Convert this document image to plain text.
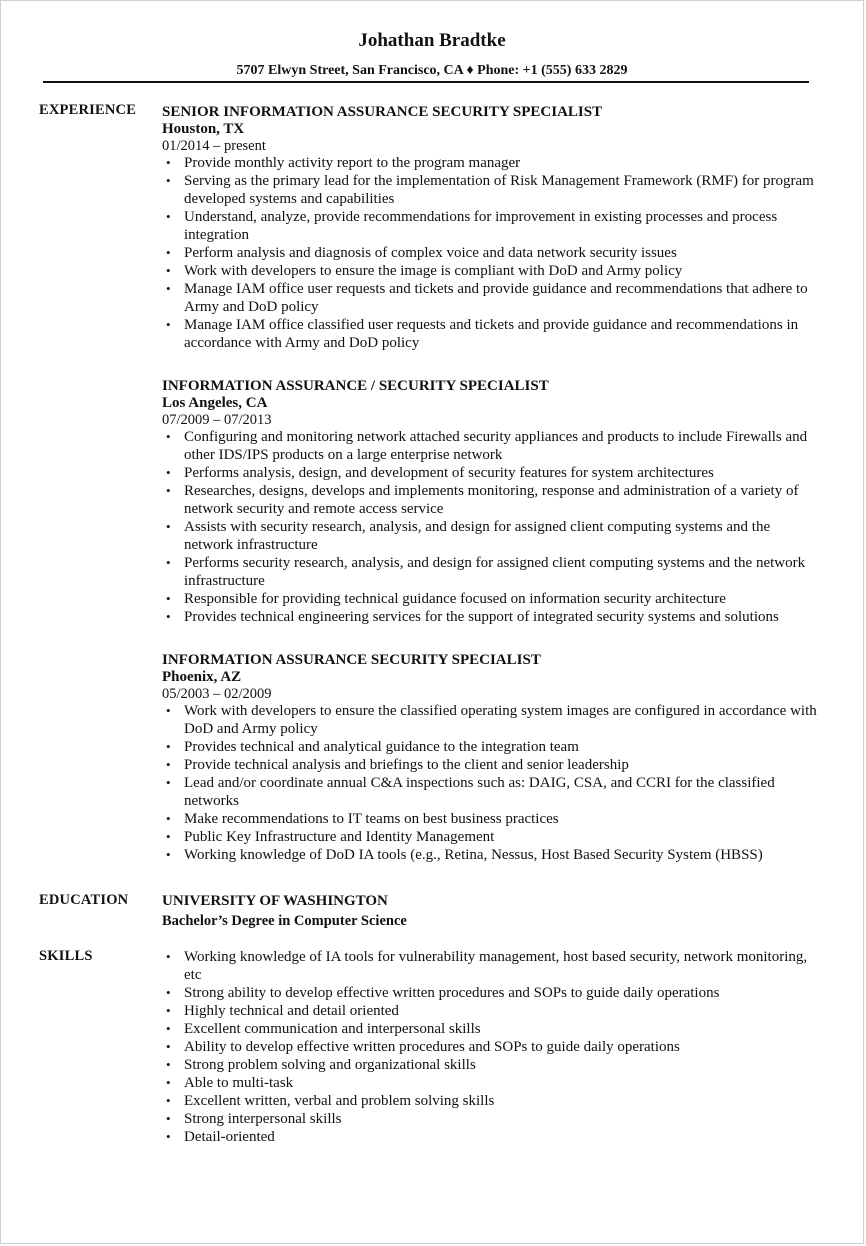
Johathan Bradtke
5707 Elwyn Street, San Francisco, CA ♦ Phone: +1 (555) 633 2829
EXPERIENCE SENIOR INFORMATION ASSURANCE SECURITY SPECIALIST
Houston, TX
01/2014 – present
• Provide monthly activity report to the program manager
• Serving as the primary lead for the implementation of Risk Management Framework (RMF) for program developed systems and capabilities
• Understand, analyze, provide recommendations for improvement in existing processes and process integration
• Perform analysis and diagnosis of complex voice and data network security issues
• Work with developers to ensure the image is compliant with DoD and Army policy
• Manage IAM office user requests and tickets and provide guidance and recommendations that adhere to Army and DoD policy
• Manage IAM office classified user requests and tickets and provide guidance and recommendations in accordance with Army and DoD policy
INFORMATION ASSURANCE / SECURITY SPECIALIST
Los Angeles, CA
07/2009 – 07/2013
• Configuring and monitoring network attached security appliances and products to include Firewalls and other IDS/IPS products on a large enterprise network
• Performs analysis, design, and development of security features for system architectures
• Researches, designs, develops and implements monitoring, response and administration of a variety of network security and remote access service
• Assists with security research, analysis, and design for assigned client computing systems and the network infrastructure
• Performs security research, analysis, and design for assigned client computing systems and the network infrastructure
• Responsible for providing technical guidance focused on information security architecture
• Provides technical engineering services for the support of integrated security systems and solutions
INFORMATION ASSURANCE SECURITY SPECIALIST
Phoenix, AZ
05/2003 – 02/2009
• Work with developers to ensure the classified operating system images are configured in accordance with DoD and Army policy
• Provides technical and analytical guidance to the integration team
• Provide technical analysis and briefings to the client and senior leadership
• Lead and/or coordinate annual C&A inspections such as: DAIG, CSA, and CCRI for the classified networks
• Make recommendations to IT teams on best business practices
• Public Key Infrastructure and Identity Management
• Working knowledge of DoD IA tools (e.g., Retina, Nessus, Host Based Security System (HBSS)
EDUCATION UNIVERSITY OF WASHINGTON
Bachelor’s Degree in Computer Science
SKILLS
•	Working knowledge of IA tools for vulnerability management, host based security, network monitoring, etc
• Strong ability to develop effective written procedures and SOPs to guide daily operations
• Highly technical and detail oriented
• Excellent communication and interpersonal skills
• Ability to develop effective written procedures and SOPs to guide daily operations
• Strong problem solving and organizational skills
• Able to multi-task
• Excellent written, verbal and problem solving skills
• Strong interpersonal skills
• Detail-oriented
